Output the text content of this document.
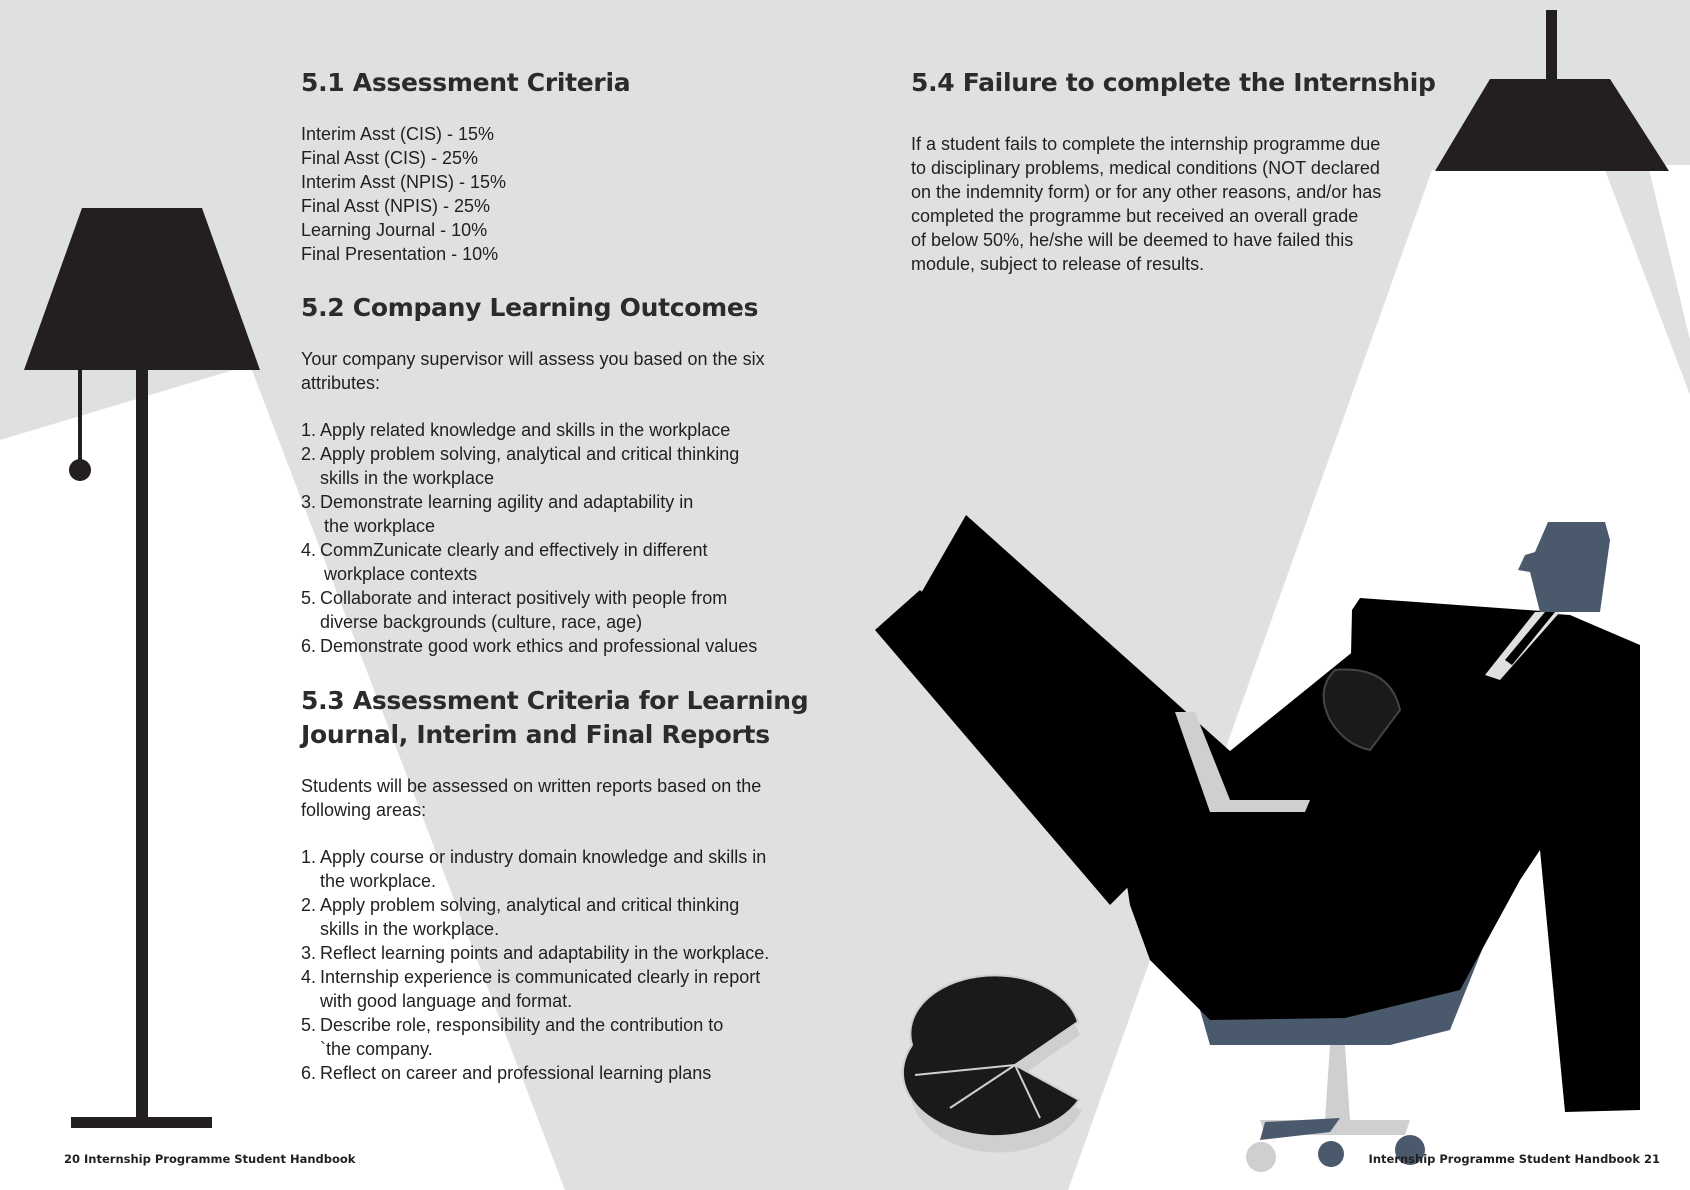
5.1 Assessment Criteria
Interim Asst (CIS) - 15%
Final Asst (CIS) - 25%
Interim Asst (NPIS) - 15%
Final Asst (NPIS) - 25%
Learning Journal - 10%
Final Presentation - 10%
5.2 Company Learning Outcomes
Your company supervisor will assess you based on the six
attributes:
1. Apply related knowledge and skills in the workplace
2. Apply problem solving, analytical and critical thinking
skills in the workplace
3. Demonstrate learning agility and adaptability in
the workplace
4. CommZunicate clearly and effectively in different
workplace contexts
5. Collaborate and interact positively with people from
diverse backgrounds (culture, race, age)
6. Demonstrate good work ethics and professional values
5.3 Assessment Criteria for Learning
Journal, Interim and Final Reports
Students will be assessed on written reports based on the
following areas:
1. Apply course or industry domain knowledge and skills in
the workplace.
2. Apply problem solving, analytical and critical thinking
skills in the workplace.
3. Reflect learning points and adaptability in the workplace.
4. Internship experience is communicated clearly in report
with good language and format.
5. Describe role, responsibility and the contribution to
`the company.
6. Reflect on career and professional learning plans
5.4 Failure to complete the Internship
If a student fails to complete the internship programme due
to disciplinary problems, medical conditions (NOT declared
on the indemnity form) or for any other reasons, and/or has
completed the programme but received an overall grade
of below 50%, he/she will be deemed to have failed this
module, subject to release of results.
20 Internship Programme Student Handbook	Internship Programme Student Handbook 21
